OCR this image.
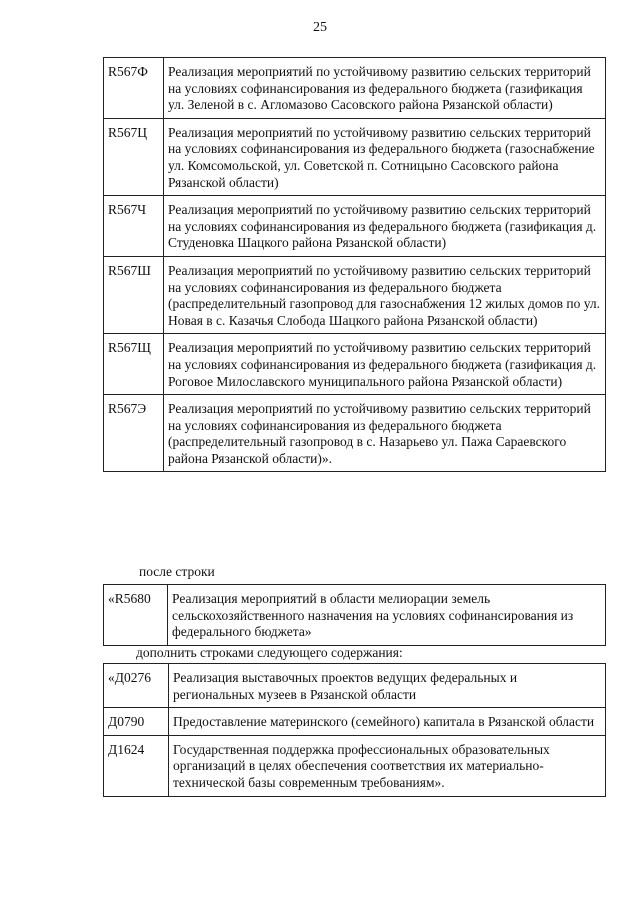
25
R567Ф	Реализация мероприятий по устойчивому развитию сельских территорий на условиях софинансирования из федерального бюджета (газификация ул. Зеленой в с. Агломазово Сасовского района Рязанской области)
R567Ц	Реализация мероприятий по устойчивому развитию сельских территорий на условиях софинансирования из федерального бюджета (газоснабжение ул. Комсомольской, ул. Советской п. Сотницыно Сасовского района Рязанской области)
R567Ч	Реализация мероприятий по устойчивому развитию сельских территорий на условиях софинансирования из федерального бюджета (газификация д. Студеновка Шацкого района Рязанской области)
R567Ш	Реализация мероприятий по устойчивому развитию сельских территорий на условиях софинансирования из федерального бюджета (распределительный газопровод для газоснабжения 12 жилых домов по ул. Новая в с. Казачья Слобода Шацкого района Рязанской области)
R567Щ	Реализация мероприятий по устойчивому развитию сельских территорий на условиях софинансирования из федерального бюджета (газификация д. Роговое Милославского муниципального района Рязанской области)
R567Э	Реализация мероприятий по устойчивому развитию сельских территорий на условиях софинансирования из федерального бюджета (распределительный газопровод в с. Назарьево ул. Пажа Сараевского района Рязанской области)».
после строки
«R5680	Реализация мероприятий в области мелиорации земель сельскохозяйственного назначения на условиях софинансирования из федерального бюджета»
дополнить строками следующего содержания:
«Д0276	Реализация выставочных проектов ведущих федеральных и региональных музеев в Рязанской области
Д0790	Предоставление материнского (семейного) капитала в Рязанской области
Д1624	Государственная поддержка профессиональных образовательных организаций в целях обеспечения соответствия их материально-технической базы современным требованиям».
